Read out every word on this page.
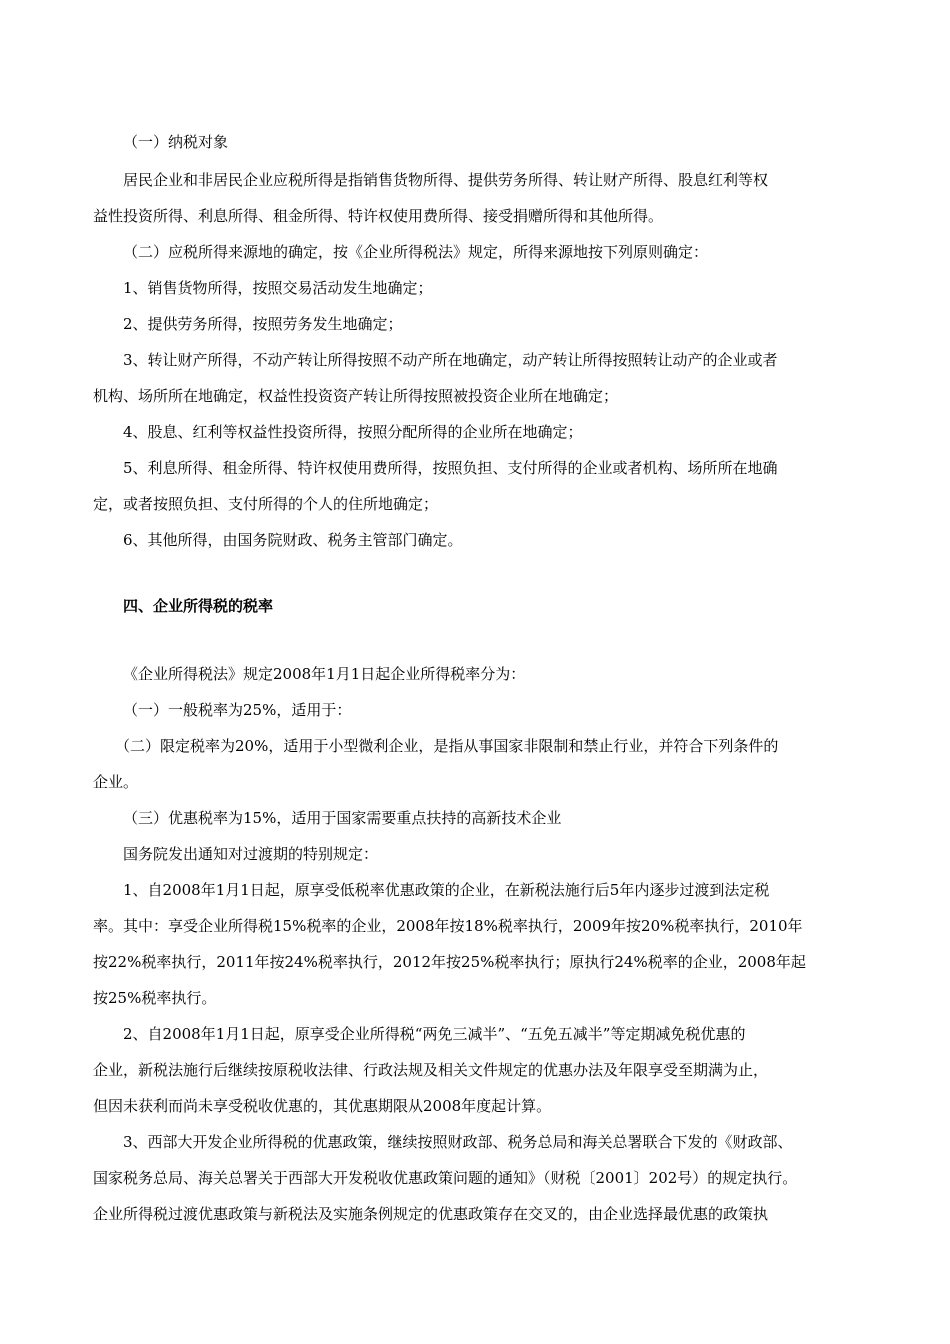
（一）纳税对象
居民企业和非居民企业应税所得是指销售货物所得、提供劳务所得、转让财产所得、股息红利等权
益性投资所得、利息所得、租金所得、特许权使用费所得、接受捐赠所得和其他所得。
（二）应税所得来源地的确定，按《企业所得税法》规定，所得来源地按下列原则确定：
1、销售货物所得，按照交易活动发生地确定；
2、提供劳务所得，按照劳务发生地确定；
3、转让财产所得，不动产转让所得按照不动产所在地确定，动产转让所得按照转让动产的企业或者
机构、场所所在地确定，权益性投资资产转让所得按照被投资企业所在地确定；
4、股息、红利等权益性投资所得，按照分配所得的企业所在地确定；
5、利息所得、租金所得、特许权使用费所得，按照负担、支付所得的企业或者机构、场所所在地确
定，或者按照负担、支付所得的个人的住所地确定；
6、其他所得，由国务院财政、税务主管部门确定。
四、企业所得税的税率
《企业所得税法》规定2008年1月1日起企业所得税率分为：
（一）一般税率为25%，适用于：
（二）限定税率为20%，适用于小型微利企业，是指从事国家非限制和禁止行业，并符合下列条件的
企业。
（三）优惠税率为15%，适用于国家需要重点扶持的高新技术企业
国务院发出通知对过渡期的特别规定：
1、自2008年1月1日起，原享受低税率优惠政策的企业，在新税法施行后5年内逐步过渡到法定税
率。其中：享受企业所得税15%税率的企业，2008年按18%税率执行，2009年按20%税率执行，2010年
按22%税率执行，2011年按24%税率执行，2012年按25%税率执行；原执行24%税率的企业，2008年起
按25%税率执行。
2、自2008年1月1日起，原享受企业所得税“两免三减半”、“五免五减半”等定期减免税优惠的
企业，新税法施行后继续按原税收法律、行政法规及相关文件规定的优惠办法及年限享受至期满为止，
但因未获利而尚未享受税收优惠的，其优惠期限从2008年度起计算。
3、西部大开发企业所得税的优惠政策，继续按照财政部、税务总局和海关总署联合下发的《财政部、
国家税务总局、海关总署关于西部大开发税收优惠政策问题的通知》（财税〔2001〕202号）的规定执行。
企业所得税过渡优惠政策与新税法及实施条例规定的优惠政策存在交叉的，由企业选择最优惠的政策执
